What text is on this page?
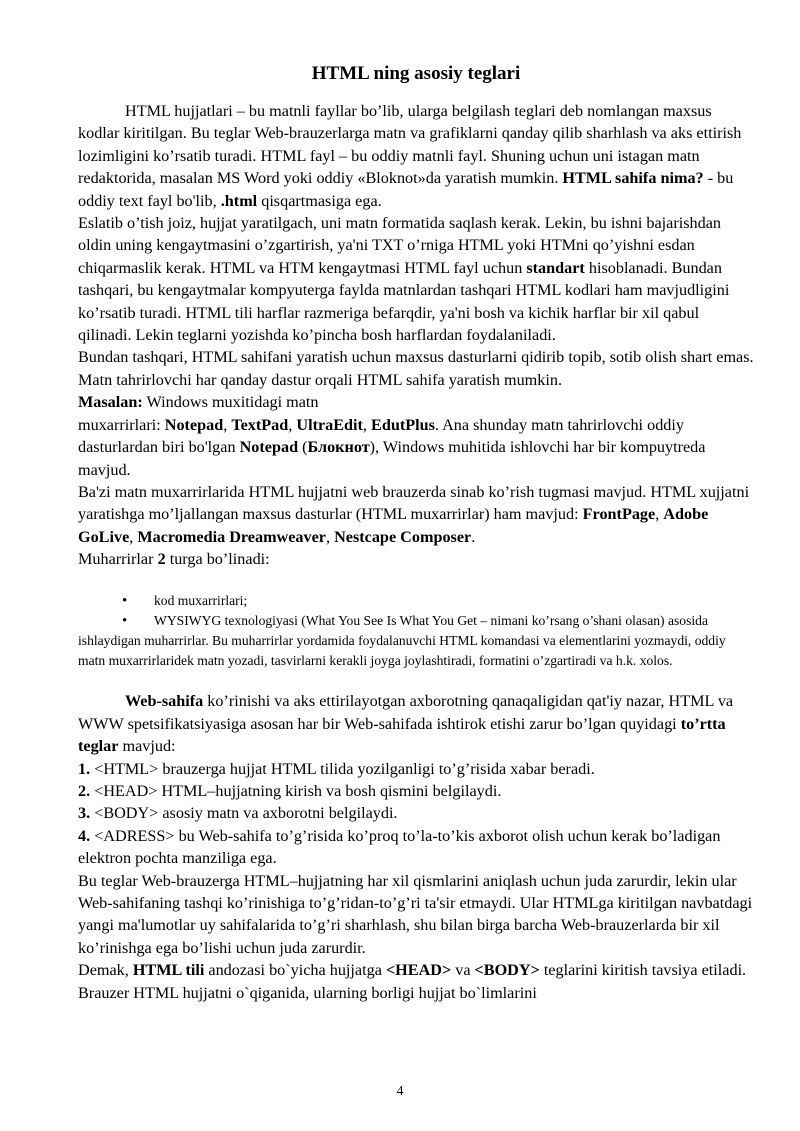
HTML ning asosiy teglari

HTML hujjatlari – bu matnli fayllar bo’lib, ularga belgilash teglari deb nomlangan maxsus kodlar kiritilgan. Bu teglar Web-brauzerlarga matn va grafiklarni qanday qilib sharhlash va aks ettirish lozimligini ko’rsatib turadi. HTML fayl – bu oddiy matnli fayl. Shuning uchun uni istagan matn redaktorida, masalan MS Word yoki oddiy «Bloknot»da yaratish mumkin. HTML sahifa nima? - bu oddiy text fayl bo'lib, .html qisqartmasiga ega.

Eslatib o’tish joiz, hujjat yaratilgach, uni matn formatida saqlash kerak. Lekin, bu ishni bajarishdan oldin uning kengaytmasini o’zgartirish, ya'ni TXT o’rniga HTML yoki HTMni qo’yishni esdan chiqarmaslik kerak. HTML va HTM kengaytmasi HTML fayl uchun standart hisoblanadi. Bundan tashqari, bu kengaytmalar kompyuterga faylda matnlardan tashqari HTML kodlari ham mavjudligini ko’rsatib turadi. HTML tili harflar razmeriga befarqdir, ya'ni bosh va kichik harflar bir xil qabul qilinadi. Lekin teglarni yozishda ko’pincha bosh harflardan foydalaniladi.

Bundan tashqari, HTML sahifani yaratish uchun maxsus dasturlarni qidirib topib, sotib olish shart emas. Matn tahrirlovchi har qanday dastur orqali HTML sahifa yaratish mumkin.

Masalan: Windows muxitidagi matn
muxarrirlari: Notepad, TextPad, UltraEdit, EdutPlus. Ana shunday matn tahrirlovchi oddiy dasturlardan biri bo'lgan Notepad (Блокнот), Windows muhitida ishlovchi har bir kompuytreda mavjud.

Ba'zi matn muxarrirlarida HTML hujjatni web brauzerda sinab ko’rish tugmasi mavjud. HTML xujjatni yaratishga mo’ljallangan maxsus dasturlar (HTML muxarrirlar) ham mavjud: FrontPage, Adobe GoLive, Macromedia Dreamweaver, Nestcape Composer.

Muharrirlar 2 turga bo’linadi:

• kod muxarrirlari;
• WYSIWYG texnologiyasi (What You See Is What You Get – nimani ko’rsang o’shani olasan) asosida ishlaydigan muharrirlar. Bu muharrirlar yordamida foydalanuvchi HTML komandasi va elementlarini yozmaydi, oddiy matn muxarrirlaridek matn yozadi, tasvirlarni kerakli joyga joylashtiradi, formatini o’zgartiradi va h.k. xolos.

Web-sahifa ko’rinishi va aks ettirilayotgan axborotning qanaqaligidan qat'iy nazar, HTML va WWW spetsifikatsiyasiga asosan har bir Web-sahifada ishtirok etishi zarur bo’lgan quyidagi to’rtta teglar mavjud:

1. <HTML> brauzerga hujjat HTML tilida yozilganligi to’g’risida xabar beradi.

2. <HEAD> HTML–hujjatning kirish va bosh qismini belgilaydi.

3. <BODY> asosiy matn va axborotni belgilaydi.

4. <ADRESS> bu Web-sahifa to’g’risida ko’proq to’la-to’kis axborot olish uchun kerak bo’ladigan elektron pochta manziliga ega.

Bu teglar Web-brauzerga HTML–hujjatning har xil qismlarini aniqlash uchun juda zarurdir, lekin ular Web-sahifaning tashqi ko’rinishiga to’g’ridan-to’g’ri ta'sir etmaydi. Ular HTMLga kiritilgan navbatdagi yangi ma'lumotlar uy sahifalarida to’g’ri sharhlash, shu bilan birga barcha Web-brauzerlarda bir xil ko’rinishga ega bo’lishi uchun juda zarurdir.

Demak, HTML tili andozasi bo`yicha hujjatga <HEAD> va <BODY> teglarini kiritish tavsiya etiladi. Brauzer HTML hujjatni o`qiganida, ularning borligi hujjat bo`limlarini

4
